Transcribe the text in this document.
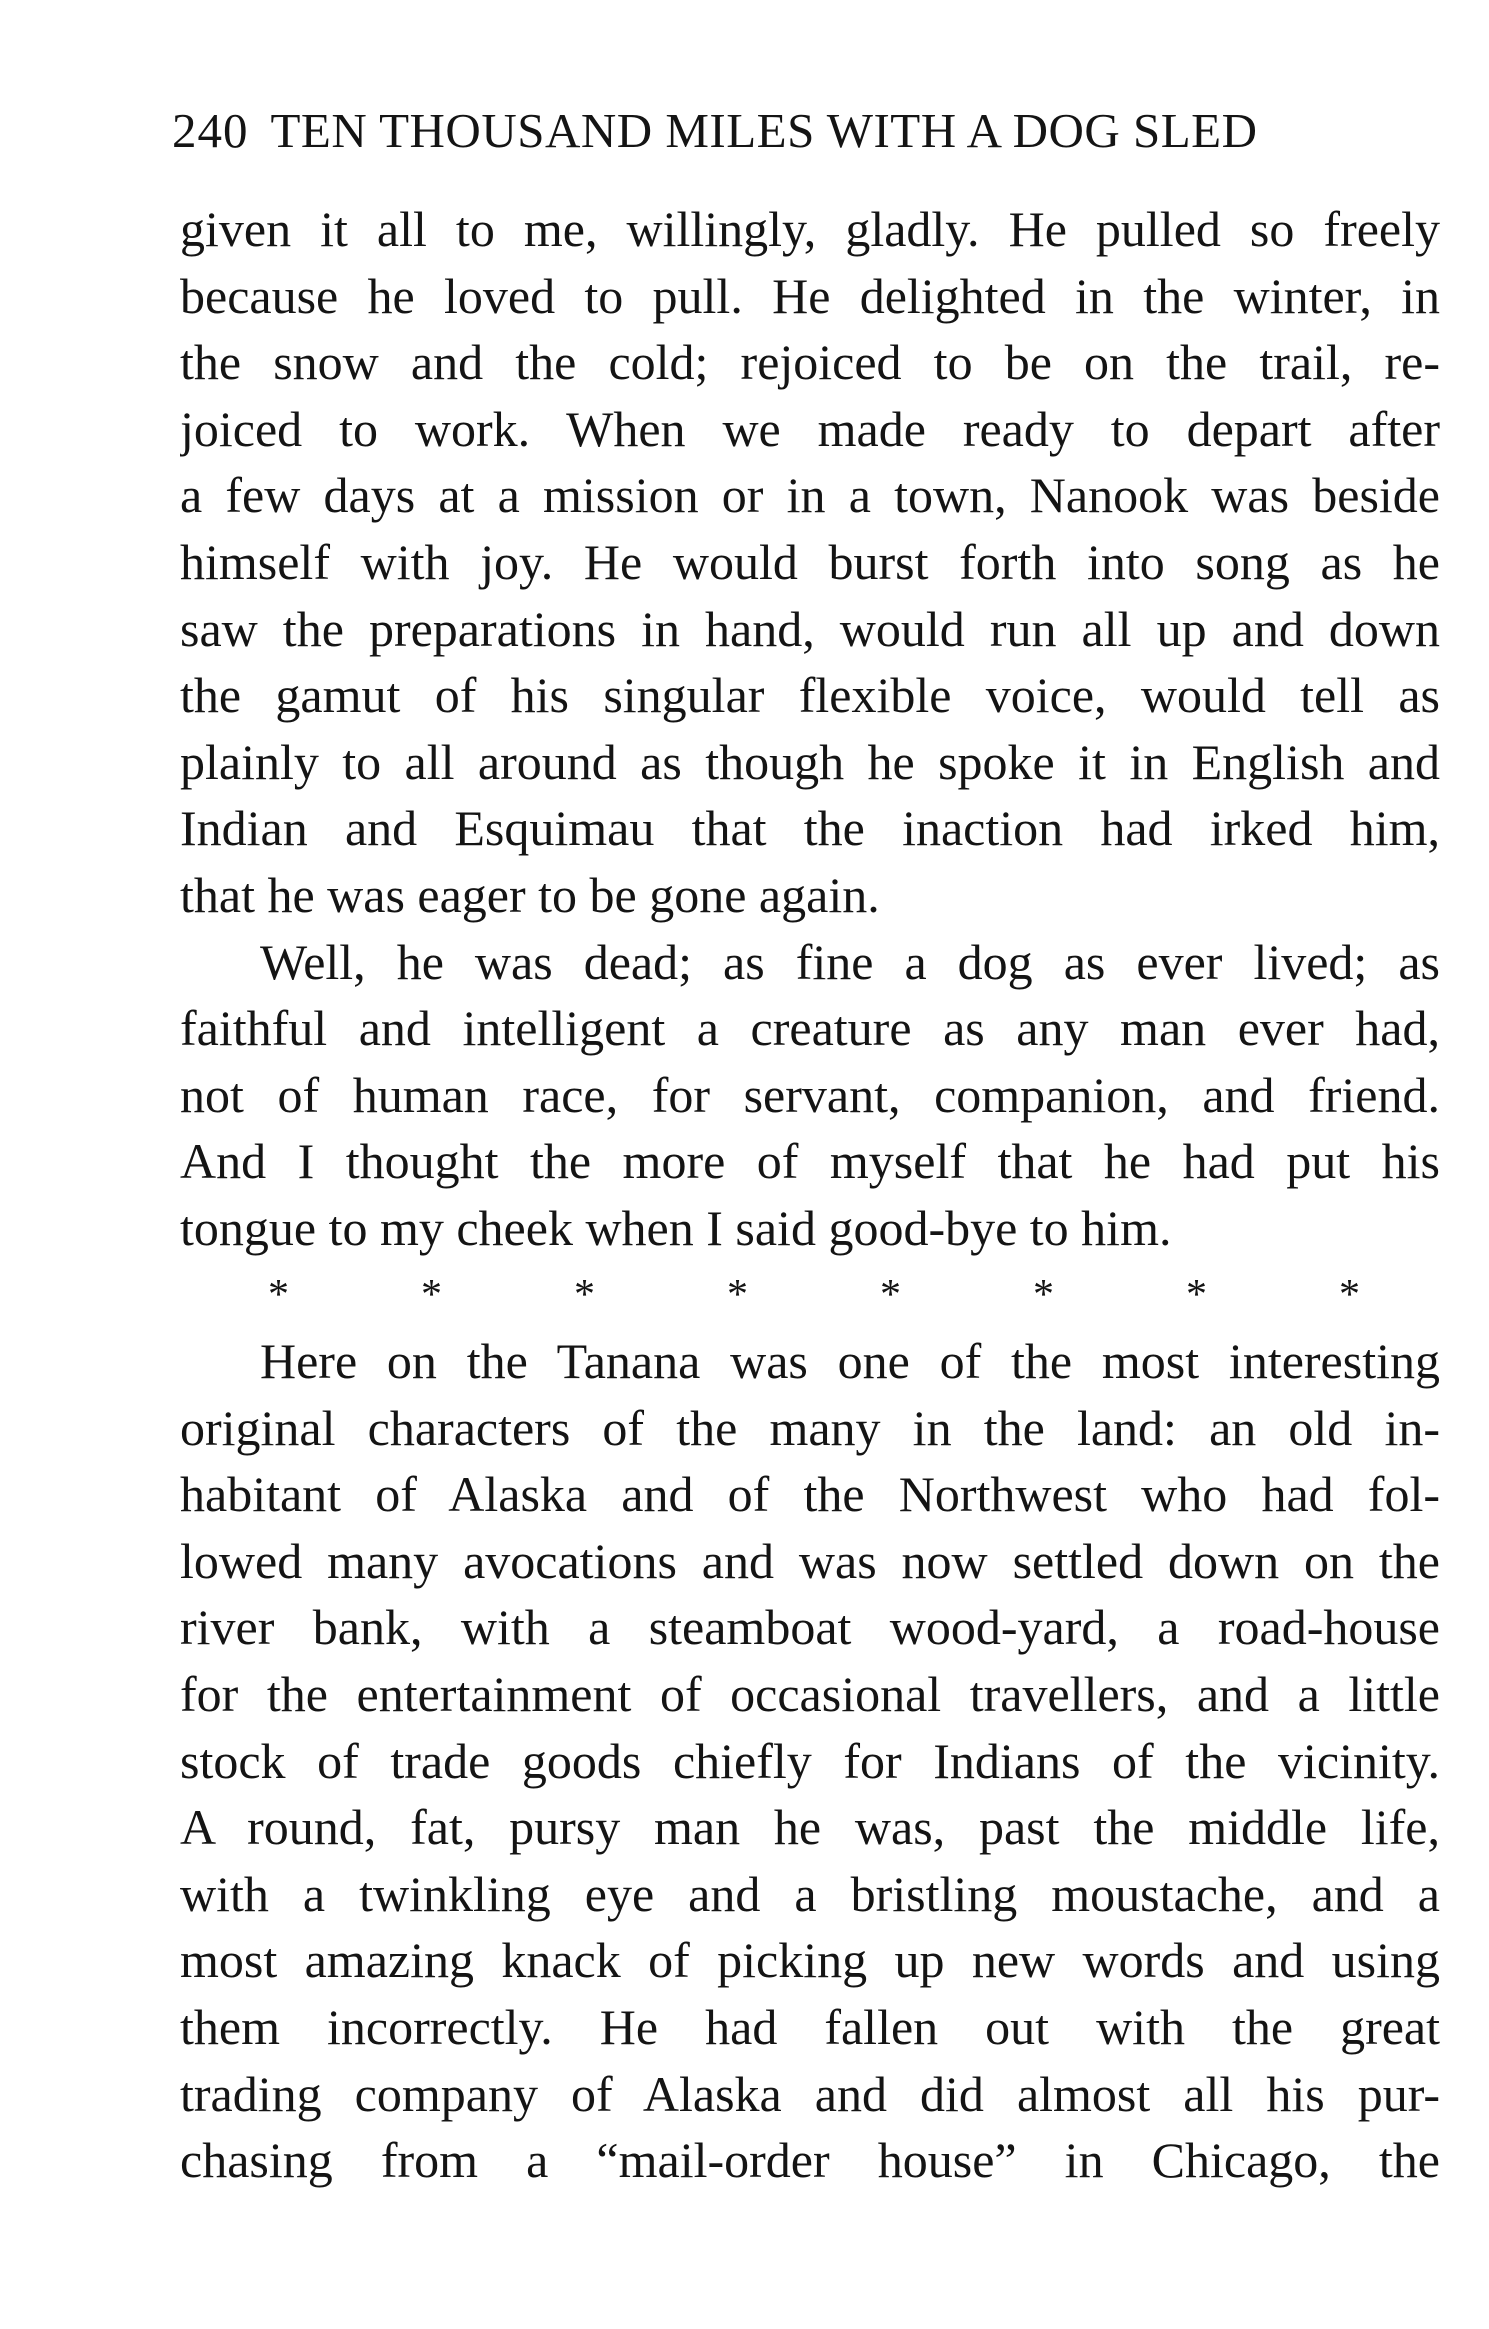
240 TEN THOUSAND MILES WITH A DOG SLED
given it all to me, willingly, gladly. He pulled so freely
because he loved to pull. He delighted in the winter, in
the snow and the cold; rejoiced to be on the trail, re-
joiced to work. When we made ready to depart after
a few days at a mission or in a town, Nanook was beside
himself with joy. He would burst forth into song as he
saw the preparations in hand, would run all up and down
the gamut of his singular flexible voice, would tell as
plainly to all around as though he spoke it in English and
Indian and Esquimau that the inaction had irked him,
that he was eager to be gone again.
Well, he was dead; as fine a dog as ever lived; as
faithful and intelligent a creature as any man ever had,
not of human race, for servant, companion, and friend.
And I thought the more of myself that he had put his
tongue to my cheek when I said good-bye to him.
*	*	*	*	*	*	*	*
Here on the Tanana was one of the most interesting
original characters of the many in the land: an old in-
habitant of Alaska and of the Northwest who had fol-
lowed many avocations and was now settled down on the
river bank, with a steamboat wood-yard, a road-house
for the entertainment of occasional travellers, and a little
stock of trade goods chiefly for Indians of the vicinity.
A round, fat, pursy man he was, past the middle life,
with a twinkling eye and a bristling moustache, and a
most amazing knack of picking up new words and using
them incorrectly. He had fallen out with the great
trading company of Alaska and did almost all his pur-
chasing from a “mail-order house” in Chicago, the
